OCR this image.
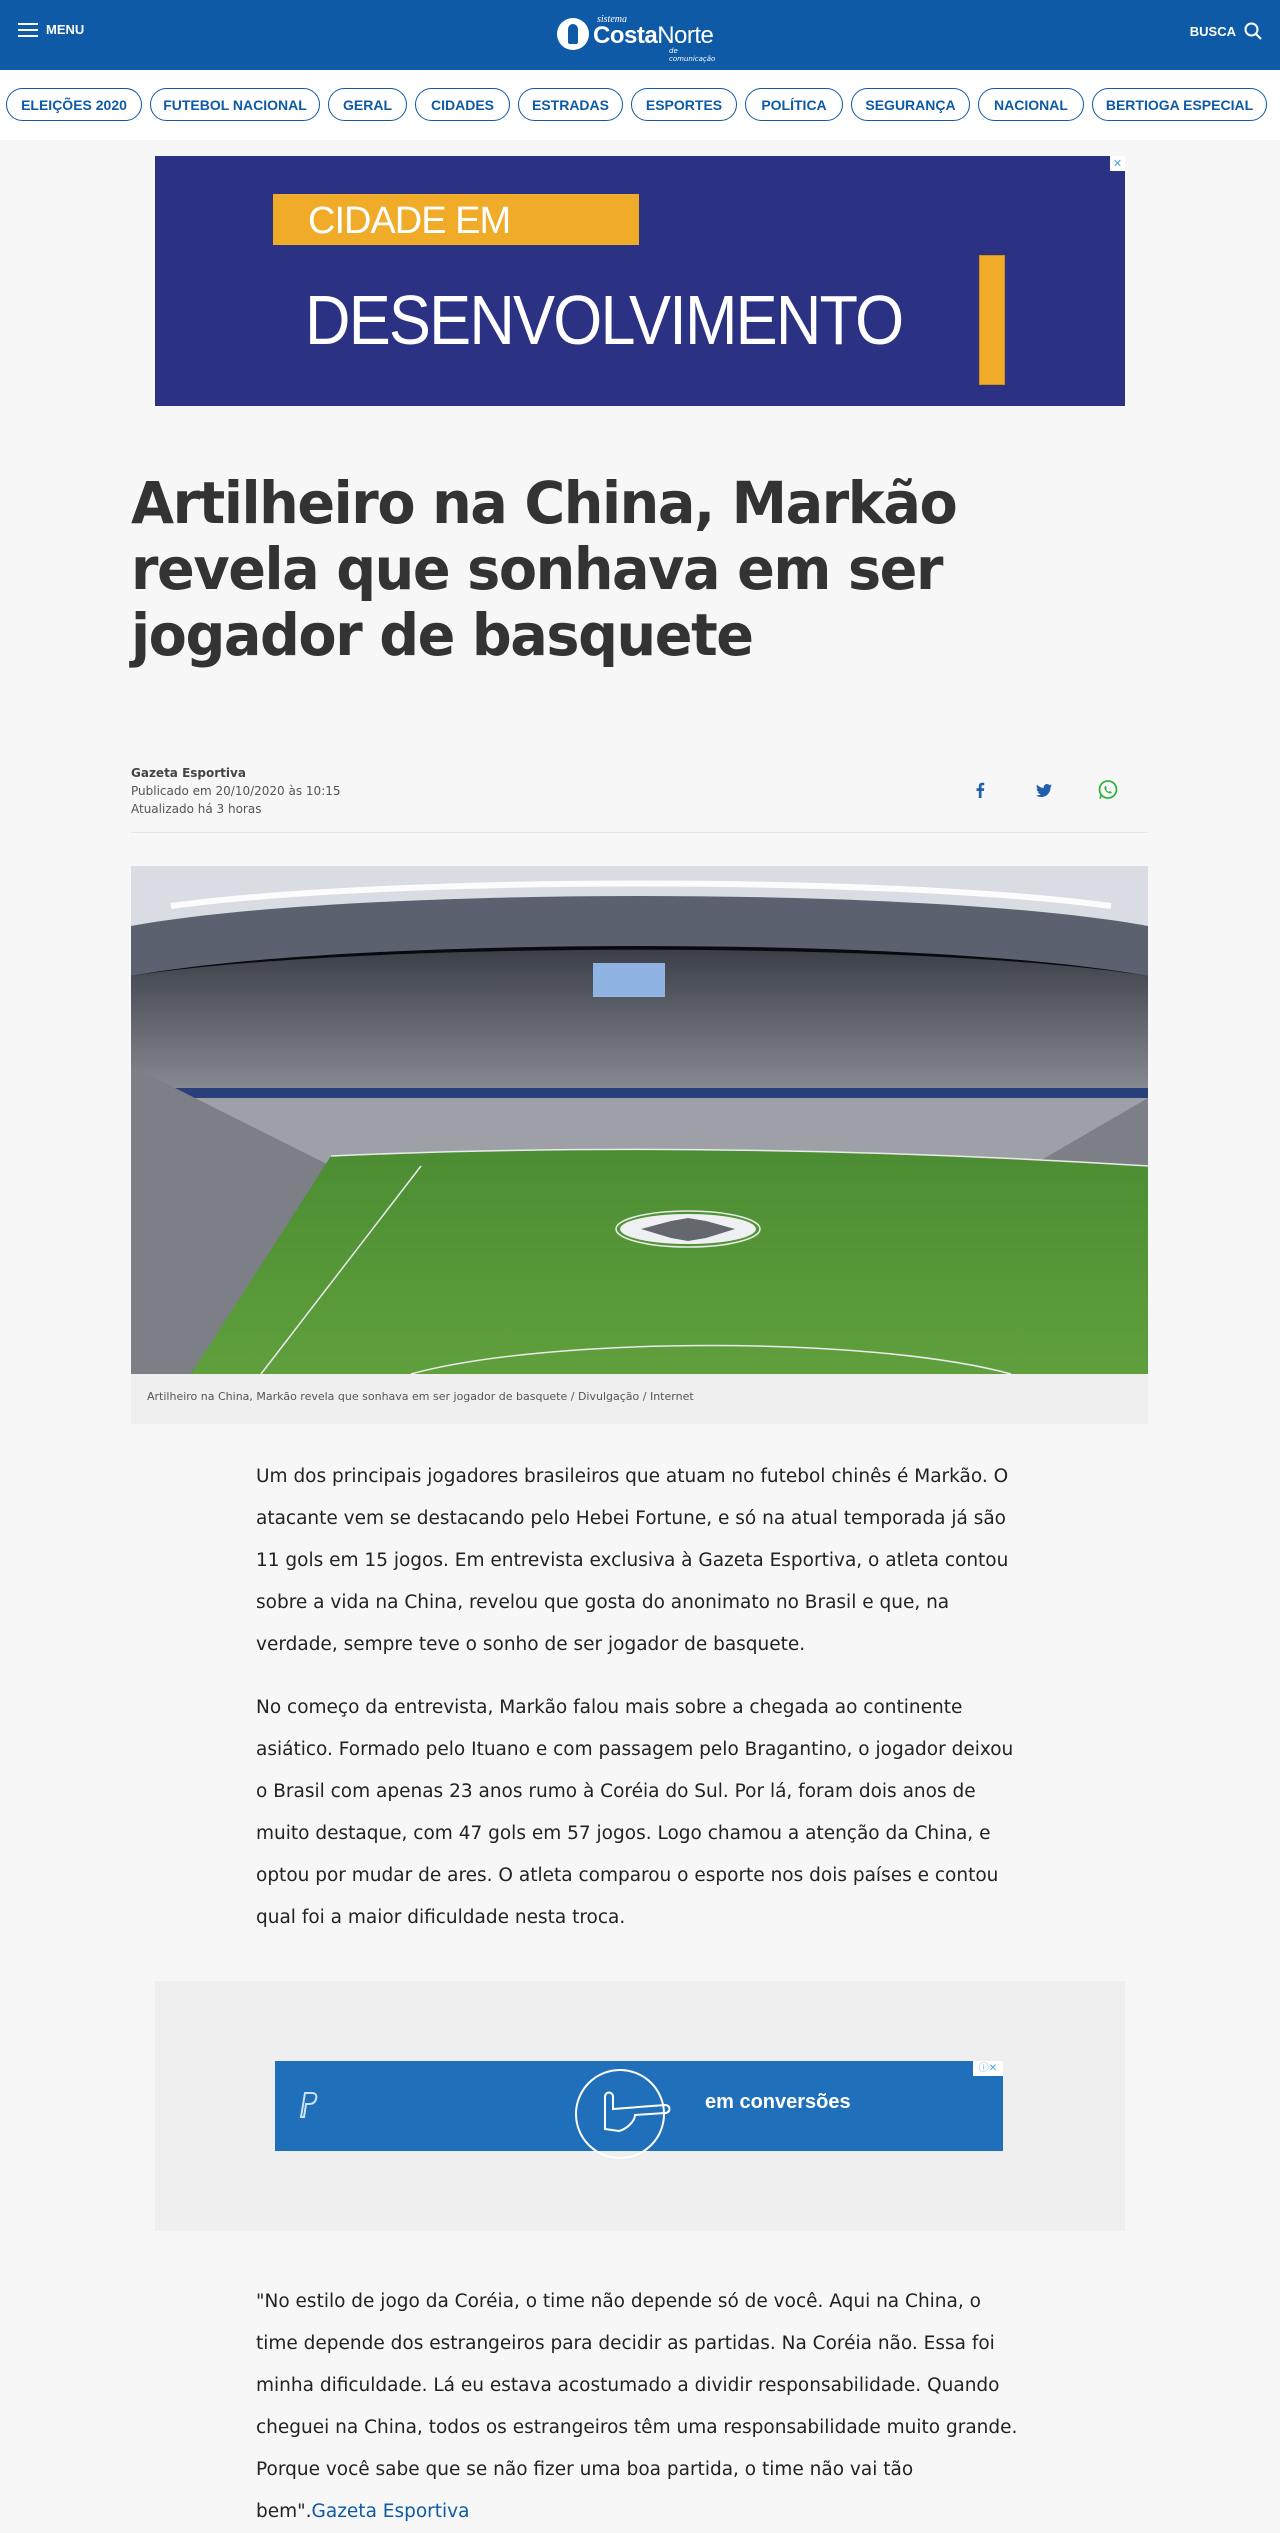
MENU
sistema
CostaNorte
de comunicação
BUSCA
ELEIÇÕES 2020	FUTEBOL NACIONAL	GERAL	CIDADES	ESTRADAS	ESPORTES	POLÍTICA	SEGURANÇA	NACIONAL	BERTIOGA ESPECIAL
CIDADE EM
DESENVOLVIMENTO
✕
Artilheiro na China, Markão revela que sonhava em ser jogador de basquete
Gazeta Esportiva
Publicado em 20/10/2020 às 10:15
Atualizado há 3 horas
Artilheiro na China, Markão revela que sonhava em ser jogador de basquete / Divulgação / Internet

Um dos principais jogadores brasileiros que atuam no futebol chinês é Markão. O atacante vem se destacando pelo Hebei Fortune, e só na atual temporada já são 11 gols em 15 jogos. Em entrevista exclusiva à Gazeta Esportiva, o atleta contou sobre a vida na China, revelou que gosta do anonimato no Brasil e que, na verdade, sempre teve o sonho de ser jogador de basquete.

No começo da entrevista, Markão falou mais sobre a chegada ao continente asiático. Formado pelo Ituano e com passagem pelo Bragantino, o jogador deixou o Brasil com apenas 23 anos rumo à Coréia do Sul. Por lá, foram dois anos de muito destaque, com 47 gols em 57 jogos. Logo chamou a atenção da China, e optou por mudar de ares. O atleta comparou o esporte nos dois países e contou qual foi a maior dificuldade nesta troca.

em conversões
ⓘ✕

"No estilo de jogo da Coréia, o time não depende só de você. Aqui na China, o time depende dos estrangeiros para decidir as partidas. Na Coréia não. Essa foi minha dificuldade. Lá eu estava acostumado a dividir responsabilidade. Quando cheguei na China, todos os estrangeiros têm uma responsabilidade muito grande. Porque você sabe que se não fizer uma boa partida, o time não vai tão bem".Gazeta Esportiva
